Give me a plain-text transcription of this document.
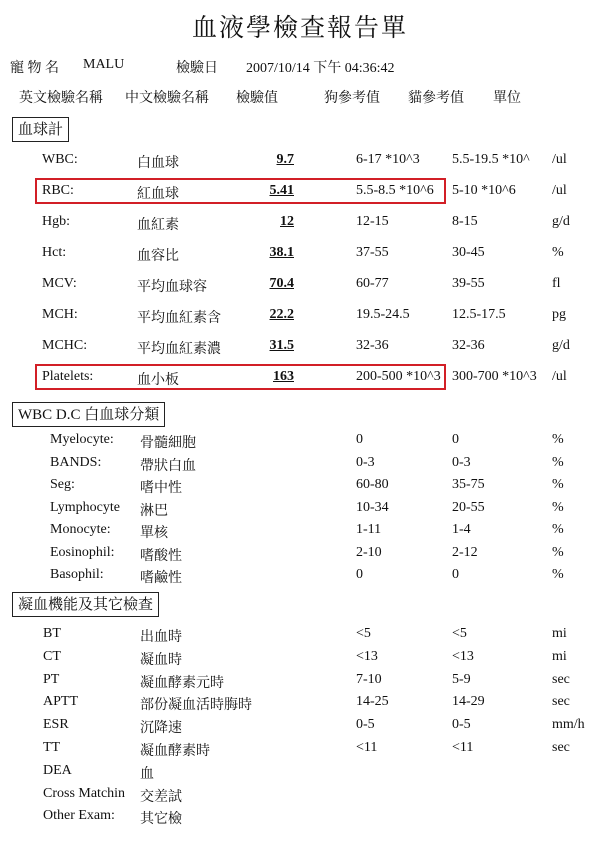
血液學檢查報告單
寵 物 名 MALU	檢驗日 2007/10/14 下午 04:36:42
英文檢驗名稱 中文檢驗名稱 檢驗值	狗參考值 貓參考值 單位
血球計
WBC:	白血球	9.7	6-17 *10^3 5.5-19.5 *10^ /ul
RBC:	紅血球	5.41	5.5-8.5 *10^6 5-10 *10^6	/ul
Hgb:	血紅素	12	12-15	8-15	g/d
Hct:	血容比	38.1	37-55	30-45	%
MCV:	平均血球容	70.4	60-77	39-55	fl
MCH:	平均血紅素含	22.2	19.5-24.5	12.5-17.5	pg
MCHC:	平均血紅素濃	31.5	32-36	32-36	g/d
Platelets:	血小板	163	200-500 *10^3 300-700 *10^3 /ul
WBC D.C 白血球分類
Myelocyte: 骨髓細胞	0	0	%
BANDS:	帶狀白血	0-3	0-3	%
Seg:	嗜中性	60-80	35-75	%
Lymphocyte 淋巴	10-34	20-55	%
Monocyte: 單核	1-11	1-4	%
Eosinophil: 嗜酸性	2-10	2-12	%
Basophil:	嗜鹼性	0	0	%
凝血機能及其它檢查
BT	出血時	<5	<5	mi
CT	凝血時	<13	<13	mi
PT	凝血酵素元時	7-10	5-9	sec
APTT	部份凝血活時脢時	14-25	14-29	sec
ESR	沉降速	0-5	0-5	mm/h
TT	凝血酵素時	<11	<11	sec
DEA	血
Cross Matchin 交差試
Other Exam: 其它檢
